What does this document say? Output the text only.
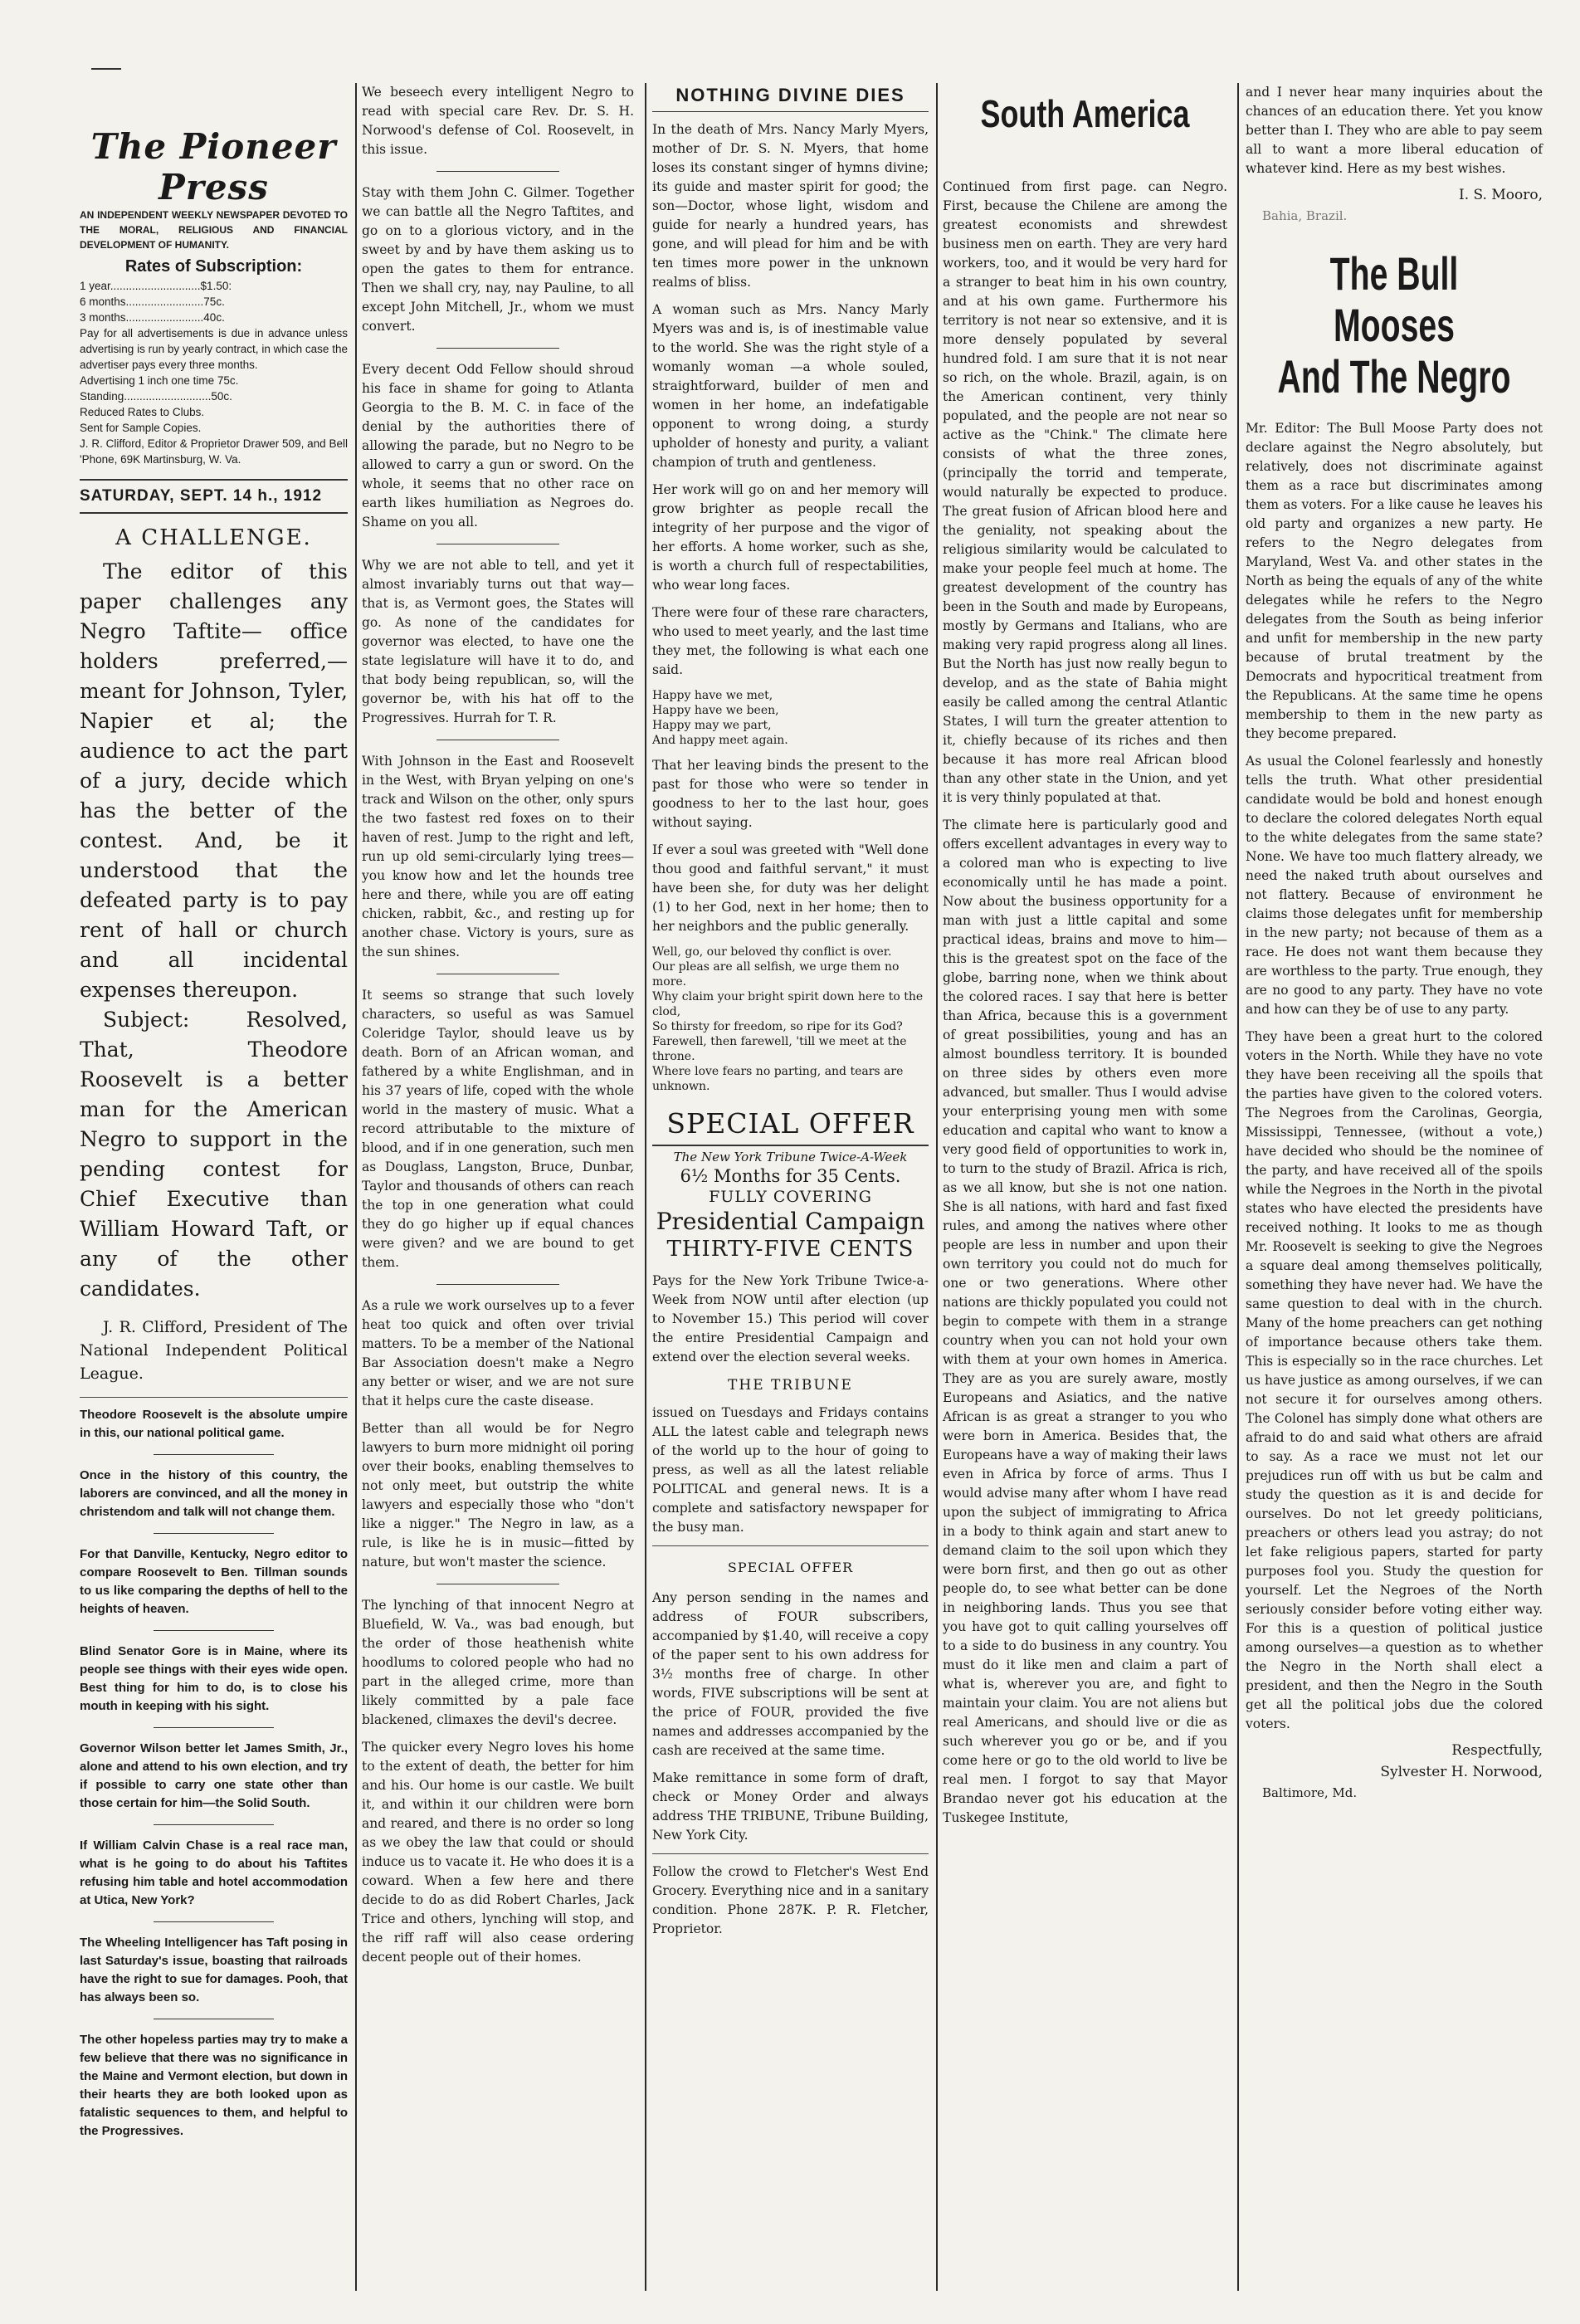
The Pioneer Press
AN INDEPENDENT WEEKLY NEWSPAPER DEVOTED TO THE MORAL, RELIGIOUS AND FINANCIAL DEVELOPMENT OF HUMANITY.
Rates of Subscription:

1 year.............................$1.50:

6 months.........................75c.

3 months.........................40c.

Pay for all advertisements is due in advance unless advertising is run by yearly contract, in which case the advertiser pays every three months.

Advertising 1 inch one time 75c.

Standing............................50c.

Reduced Rates to Clubs.

Sent for Sample Copies.

J. R. Clifford, Editor & Proprietor Drawer 509, and Bell 'Phone, 69K Martinsburg, W. Va.

SATURDAY, SEPT. 14 h., 1912
A CHALLENGE.

The editor of this paper challenges any Negro Taftite— office holders preferred,—meant for Johnson, Tyler, Napier et al; the audience to act the part of a jury, decide which has the better of the contest. And, be it understood that the defeated party is to pay rent of hall or church and all incidental expenses thereupon.

Subject: Resolved, That, Theodore Roosevelt is a better man for the American Negro to support in the pending contest for Chief Executive than William Howard Taft, or any of the other candidates.

J. R. Clifford, President of The National Independent Political League.

Theodore Roosevelt is the absolute umpire in this, our national political game.

Once in the history of this country, the laborers are convinced, and all the money in christendom and talk will not change them.

For that Danville, Kentucky, Negro editor to compare Roosevelt to Ben. Tillman sounds to us like comparing the depths of hell to the heights of heaven.

Blind Senator Gore is in Maine, where its people see things with their eyes wide open. Best thing for him to do, is to close his mouth in keeping with his sight.

Governor Wilson better let James Smith, Jr., alone and attend to his own election, and try if possible to carry one state other than those certain for him—the Solid South.

If William Calvin Chase is a real race man, what is he going to do about his Taftites refusing him table and hotel accommodation at Utica, New York?

The Wheeling Intelligencer has Taft posing in last Saturday's issue, boasting that railroads have the right to sue for damages. Pooh, that has always been so.

The other hopeless parties may try to make a few believe that there was no significance in the Maine and Vermont election, but down in their hearts they are both looked upon as fatalistic sequences to them, and helpful to the Progressives.

We beseech every intelligent Negro to read with special care Rev. Dr. S. H. Norwood's defense of Col. Roosevelt, in this issue.

Stay with them John C. Gilmer. Together we can battle all the Negro Taftites, and go on to a glorious victory, and in the sweet by and by have them asking us to open the gates to them for entrance. Then we shall cry, nay, nay Pauline, to all except John Mitchell, Jr., whom we must convert.

Every decent Odd Fellow should shroud his face in shame for going to Atlanta Georgia to the B. M. C. in face of the denial by the authorities there of allowing the parade, but no Negro to be allowed to carry a gun or sword. On the whole, it seems that no other race on earth likes humiliation as Negroes do. Shame on you all.

Why we are not able to tell, and yet it almost invariably turns out that way—that is, as Vermont goes, the States will go. As none of the candidates for governor was elected, to have one the state legislature will have it to do, and that body being republican, so, will the governor be, with his hat off to the Progressives. Hurrah for T. R.

With Johnson in the East and Roosevelt in the West, with Bryan yelping on one's track and Wilson on the other, only spurs the two fastest red foxes on to their haven of rest. Jump to the right and left, run up old semi-circularly lying trees—you know how and let the hounds tree here and there, while you are off eating chicken, rabbit, &c., and resting up for another chase. Victory is yours, sure as the sun shines.

It seems so strange that such lovely characters, so useful as was Samuel Coleridge Taylor, should leave us by death. Born of an African woman, and fathered by a white Englishman, and in his 37 years of life, coped with the whole world in the mastery of music. What a record attributable to the mixture of blood, and if in one generation, such men as Douglass, Langston, Bruce, Dunbar, Taylor and thousands of others can reach the top in one generation what could they do go higher up if equal chances were given? and we are bound to get them.

As a rule we work ourselves up to a fever heat too quick and often over trivial matters. To be a member of the National Bar Association doesn't make a Negro any better or wiser, and we are not sure that it helps cure the caste disease.

Better than all would be for Negro lawyers to burn more midnight oil poring over their books, enabling themselves to not only meet, but outstrip the white lawyers and especially those who "don't like a nigger." The Negro in law, as a rule, is like he is in music—fitted by nature, but won't master the science.

The lynching of that innocent Negro at Bluefield, W. Va., was bad enough, but the order of those heathenish white hoodlums to colored people who had no part in the alleged crime, more than likely committed by a pale face blackened, climaxes the devil's decree.

The quicker every Negro loves his home to the extent of death, the better for him and his. Our home is our castle. We built it, and within it our children were born and reared, and there is no order so long as we obey the law that could or should induce us to vacate it. He who does it is a coward. When a few here and there decide to do as did Robert Charles, Jack Trice and others, lynching will stop, and the riff raff will also cease ordering decent people out of their homes.

NOTHING DIVINE DIES

In the death of Mrs. Nancy Marly Myers, mother of Dr. S. N. Myers, that home loses its constant singer of hymns divine; its guide and master spirit for good; the son—Doctor, whose light, wisdom and guide for nearly a hundred years, has gone, and will plead for him and be with ten times more power in the unknown realms of bliss.

A woman such as Mrs. Nancy Marly Myers was and is, is of inestimable value to the world. She was the right style of a womanly woman —a whole souled, straightforward, builder of men and women in her home, an indefatigable opponent to wrong doing, a sturdy upholder of honesty and purity, a valiant champion of truth and gentleness.

Her work will go on and her memory will grow brighter as people recall the integrity of her purpose and the vigor of her efforts. A home worker, such as she, is worth a church full of respectabilities, who wear long faces.

There were four of these rare characters, who used to meet yearly, and the last time they met, the following is what each one said.

Happy have we met,
Happy have we been,
Happy may we part,
And happy meet again.

That her leaving binds the present to the past for those who were so tender in goodness to her to the last hour, goes without saying.

If ever a soul was greeted with "Well done thou good and faithful servant," it must have been she, for duty was her delight (1) to her God, next in her home; then to her neighbors and the public generally.

Well, go, our beloved thy conflict is over.
Our pleas are all selfish, we urge them no more.
Why claim your bright spirit down here to the clod,
So thirsty for freedom, so ripe for its God?
Farewell, then farewell, 'till we meet at the throne.
Where love fears no parting, and tears are unknown.
SPECIAL OFFER
The New York Tribune Twice-A-Week
6½ Months for 35 Cents.
FULLY COVERING
Presidential Campaign
THIRTY-FIVE CENTS

Pays for the New York Tribune Twice-a-Week from NOW until after election (up to November 15.) This period will cover the entire Presidential Campaign and extend over the election several weeks.

THE TRIBUNE

issued on Tuesdays and Fridays contains ALL the latest cable and telegraph news of the world up to the hour of going to press, as well as all the latest reliable POLITICAL and general news. It is a complete and satisfactory newspaper for the busy man.

SPECIAL OFFER

Any person sending in the names and address of FOUR subscribers, accompanied by $1.40, will receive a copy of the paper sent to his own address for 3½ months free of charge. In other words, FIVE subscriptions will be sent at the price of FOUR, provided the five names and addresses accompanied by the cash are received at the same time.

Make remittance in some form of draft, check or Money Order and always address THE TRIBUNE, Tribune Building, New York City.

Follow the crowd to Fletcher's West End Grocery. Everything nice and in a sanitary condition. Phone 287K. P. R. Fletcher, Proprietor.

South America

Continued from first page. can Negro. First, because the Chilene are among the greatest economists and shrewdest business men on earth. They are very hard workers, too, and it would be very hard for a stranger to beat him in his own country, and at his own game. Furthermore his territory is not near so extensive, and it is more densely populated by several hundred fold. I am sure that it is not near so rich, on the whole. Brazil, again, is on the American continent, very thinly populated, and the people are not near so active as the "Chink." The climate here consists of what the three zones, (principally the torrid and temperate, would naturally be expected to produce. The great fusion of African blood here and the geniality, not speaking about the religious similarity would be calculated to make your people feel much at home. The greatest development of the country has been in the South and made by Europeans, mostly by Germans and Italians, who are making very rapid progress along all lines. But the North has just now really begun to develop, and as the state of Bahia might easily be called among the central Atlantic States, I will turn the greater attention to it, chiefly because of its riches and then because it has more real African blood than any other state in the Union, and yet it is very thinly populated at that.

The climate here is particularly good and offers excellent advantages in every way to a colored man who is expecting to live economically until he has made a point. Now about the business opportunity for a man with just a little capital and some practical ideas, brains and move to him—this is the greatest spot on the face of the globe, barring none, when we think about the colored races. I say that here is better than Africa, because this is a government of great possibilities, young and has an almost boundless territory. It is bounded on three sides by others even more advanced, but smaller. Thus I would advise your enterprising young men with some education and capital who want to know a very good field of opportunities to work in, to turn to the study of Brazil. Africa is rich, as we all know, but she is not one nation. She is all nations, with hard and fast fixed rules, and among the natives where other people are less in number and upon their own territory you could not do much for one or two generations. Where other nations are thickly populated you could not begin to compete with them in a strange country when you can not hold your own with them at your own homes in America. They are as you are surely aware, mostly Europeans and Asiatics, and the native African is as great a stranger to you who were born in America. Besides that, the Europeans have a way of making their laws even in Africa by force of arms. Thus I would advise many after whom I have read upon the subject of immigrating to Africa in a body to think again and start anew to demand claim to the soil upon which they were born first, and then go out as other people do, to see what better can be done in neighboring lands. Thus you see that you have got to quit calling yourselves off to a side to do business in any country. You must do it like men and claim a part of what is, wherever you are, and fight to maintain your claim. You are not aliens but real Americans, and should live or die as such wherever you go or be, and if you come here or go to the old world to live be real men. I forgot to say that Mayor Brandao never got his education at the Tuskegee Institute,

and I never hear many inquiries about the chances of an education there. Yet you know better than I. They who are able to pay seem all to want a more liberal education of whatever kind. Here as my best wishes.

I. S. Mooro,
Bahia, Brazil.
The Bull Mooses
And The Negro

Mr. Editor: The Bull Moose Party does not declare against the Negro absolutely, but relatively, does not discriminate against them as a race but discriminates among them as voters. For a like cause he leaves his old party and organizes a new party. He refers to the Negro delegates from Maryland, West Va. and other states in the North as being the equals of any of the white delegates while he refers to the Negro delegates from the South as being inferior and unfit for membership in the new party because of brutal treatment by the Democrats and hypocritical treatment from the Republicans. At the same time he opens membership to them in the new party as they become prepared.

As usual the Colonel fearlessly and honestly tells the truth. What other presidential candidate would be bold and honest enough to declare the colored delegates North equal to the white delegates from the same state? None. We have too much flattery already, we need the naked truth about ourselves and not flattery. Because of environment he claims those delegates unfit for membership in the new party; not because of them as a race. He does not want them because they are worthless to the party. True enough, they are no good to any party. They have no vote and how can they be of use to any party.

They have been a great hurt to the colored voters in the North. While they have no vote they have been receiving all the spoils that the parties have given to the colored voters. The Negroes from the Carolinas, Georgia, Mississippi, Tennessee, (without a vote,) have decided who should be the nominee of the party, and have received all of the spoils while the Negroes in the North in the pivotal states who have elected the presidents have received nothing. It looks to me as though Mr. Roosevelt is seeking to give the Negroes a square deal among themselves politically, something they have never had. We have the same question to deal with in the church. Many of the home preachers can get nothing of importance because others take them. This is especially so in the race churches. Let us have justice as among ourselves, if we can not secure it for ourselves among others. The Colonel has simply done what others are afraid to do and said what others are afraid to say. As a race we must not let our prejudices run off with us but be calm and study the question as it is and decide for ourselves. Do not let greedy politicians, preachers or others lead you astray; do not let fake religious papers, started for party purposes fool you. Study the question for yourself. Let the Negroes of the North seriously consider before voting either way. For this is a question of political justice among ourselves—a question as to whether the Negro in the North shall elect a president, and then the Negro in the South get all the political jobs due the colored voters.

Respectfully,
Sylvester H. Norwood,
Baltimore, Md.
